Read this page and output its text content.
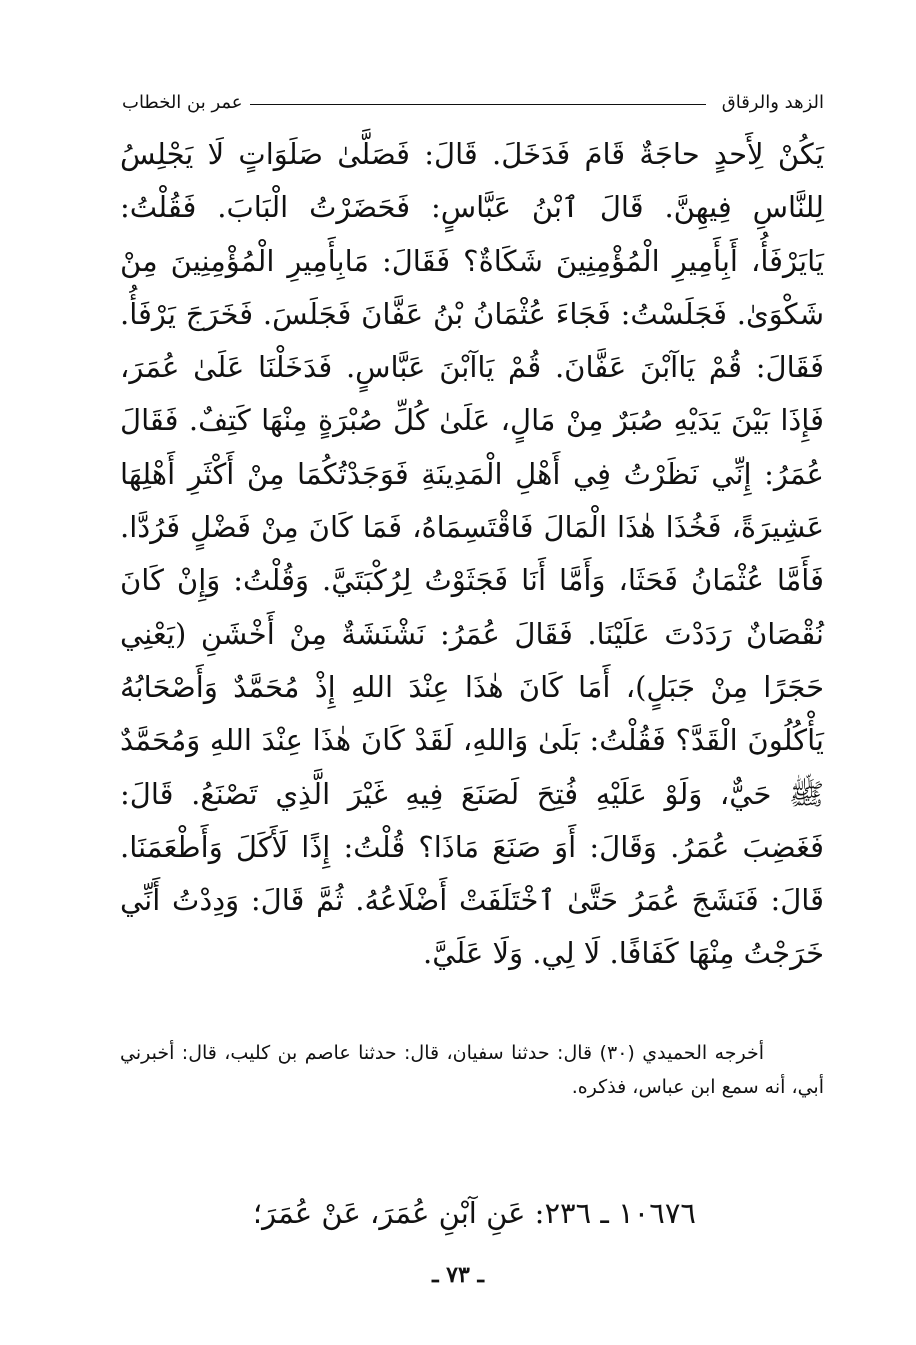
الزهد والرقاق
عمر بن الخطاب

يَكُنْ لِأَحدٍ حاجَةٌ قَامَ فَدَخَلَ. قَالَ: فَصَلَّىٰ صَلَوَاتٍ لَا يَجْلِسُ لِلنَّاسِ فِيهِنَّ. قَالَ ٱبْنُ عَبَّاسٍ: فَحَضَرْتُ الْبَابَ. فَقُلْتُ: يَايَرْفَأُ، أَبِأَمِيرِ الْمُؤْمِنِينَ شَكَاةٌ؟ فَقَالَ: مَابِأَمِيرِ الْمُؤْمِنِينَ مِنْ شَكْوَىٰ. فَجَلَسْتُ: فَجَاءَ عُثْمَانُ بْنُ عَفَّانَ فَجَلَسَ. فَخَرَجَ يَرْفَأُ. فَقَالَ: قُمْ يَاآبْنَ عَفَّانَ. قُمْ يَاآبْنَ عَبَّاسٍ. فَدَخَلْنَا عَلَىٰ عُمَرَ، فَإِذَا بَيْنَ يَدَيْهِ صُبَرٌ مِنْ مَالٍ، عَلَىٰ كُلِّ صُبْرَةٍ مِنْهَا كَتِفٌ. فَقَالَ عُمَرُ: إِنِّي نَظَرْتُ فِي أَهْلِ الْمَدِينَةِ فَوَجَدْتُكُمَا مِنْ أَكْثَرِ أَهْلِهَا عَشِيرَةً، فَخُذَا هٰذَا الْمَالَ فَاقْتَسِمَاهُ، فَمَا كَانَ مِنْ فَضْلٍ فَرُدَّا. فَأَمَّا عُثْمَانُ فَحَثَا، وَأَمَّا أَنَا فَجَثَوْتُ لِرُكْبَتَيَّ. وَقُلْتُ: وَإِنْ كَانَ نُقْصَانٌ رَدَدْتَ عَلَيْنَا. فَقَالَ عُمَرُ: نَشْنَشَةٌ مِنْ أَخْشَنِ (يَعْنِي حَجَرًا مِنْ جَبَلٍ)، أَمَا كَانَ هٰذَا عِنْدَ اللهِ إِذْ مُحَمَّدٌ وَأَصْحَابُهُ يَأْكُلُونَ الْقَدَّ؟ فَقُلْتُ: بَلَىٰ وَاللهِ، لَقَدْ كَانَ هٰذَا عِنْدَ اللهِ وَمُحَمَّدٌ ﷺ حَيٌّ، وَلَوْ عَلَيْهِ فُتِحَ لَصَنَعَ فِيهِ غَيْرَ الَّذِي تَصْنَعُ. قَالَ: فَغَضِبَ عُمَرُ. وَقَالَ: أَوَ صَنَعَ مَاذَا؟ قُلْتُ: إِذًا لَأَكَلَ وَأَطْعَمَنَا. قَالَ: فَنَشَجَ عُمَرُ حَتَّىٰ ٱخْتَلَفَتْ أَضْلَاعُهُ. ثُمَّ قَالَ: وَدِدْتُ أَنِّي خَرَجْتُ مِنْهَا كَفَافًا. لَا لِي. وَلَا عَلَيَّ.

أخرجه الحميدي (٣٠) قال: حدثنا سفيان، قال: حدثنا عاصم بن كليب، قال: أخبرني أبي، أنه سمع ابن عباس، فذكره.

١٠٦٧٦ ـ ٢٣٦: عَنِ آبْنِ عُمَرَ، عَنْ عُمَرَ؛
ـ ٧٣ ـ
